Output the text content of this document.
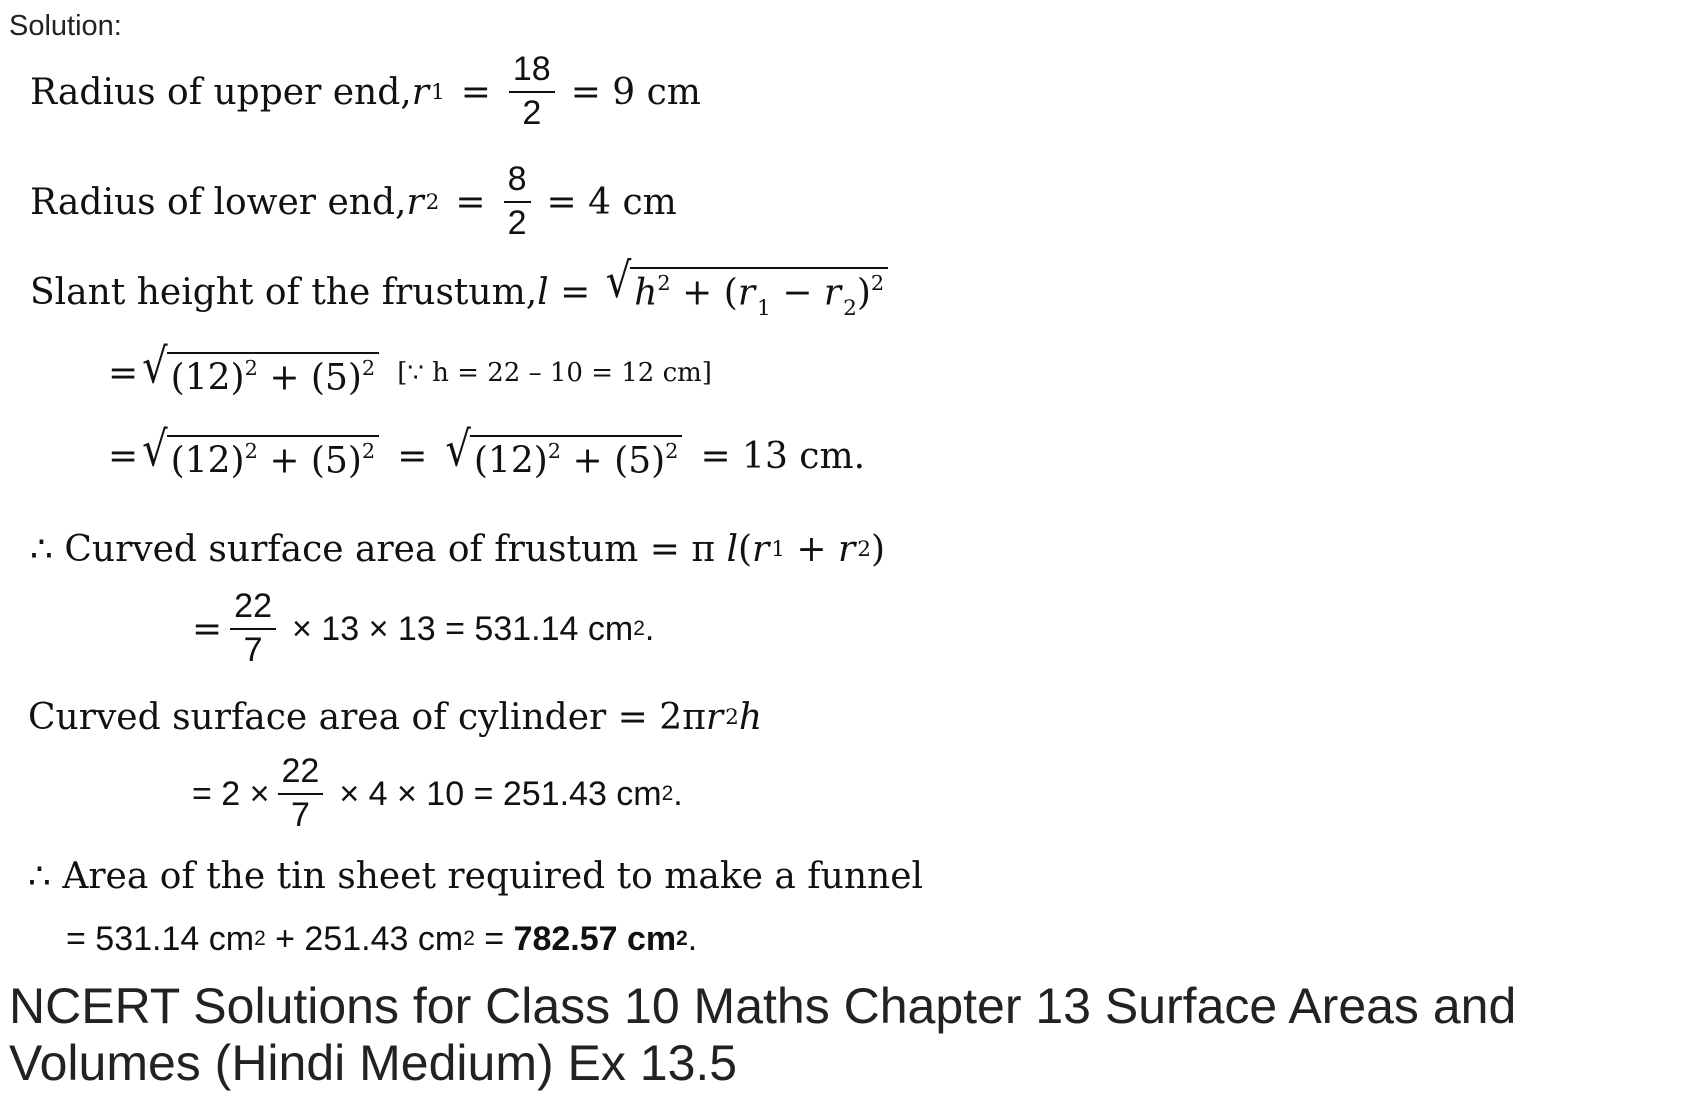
Solution:
Radius of upper end, r $1 = \frac{18}{2} = 9$ cm
Radius of lower end, r $2 = \frac{8}{2} = 4$ cm
Slant height of the frustum, l = √ $h^2 + (r_1 - r_2)^2$
= √ $(12)^2 + (5)^2$ [∵ h = 22 – 10 = 12 cm]
= √ $(12)^2 + (5)^2$ = √ $(12)^2 + (5)^2 = 13$ cm.
∴ Curved surface area of frustum = π l ( r 1 + r 2 )
= $\frac{22}{7} \times 13 \times 13 = 531.14$ cm 2 .
Curved surface area of cylinder = 2π r 2 h
= $2 \times \frac{22}{7} \times 4 \times 10 = 251.43$ cm 2 .
∴ Area of the tin sheet required to make a funnel
= 531.14 cm 2 + 251.43 cm 2 = 782.57 cm 2 .
NCERT Solutions for Class 10 Maths Chapter 13 Surface Areas and Volumes (Hindi Medium) Ex 13.5
